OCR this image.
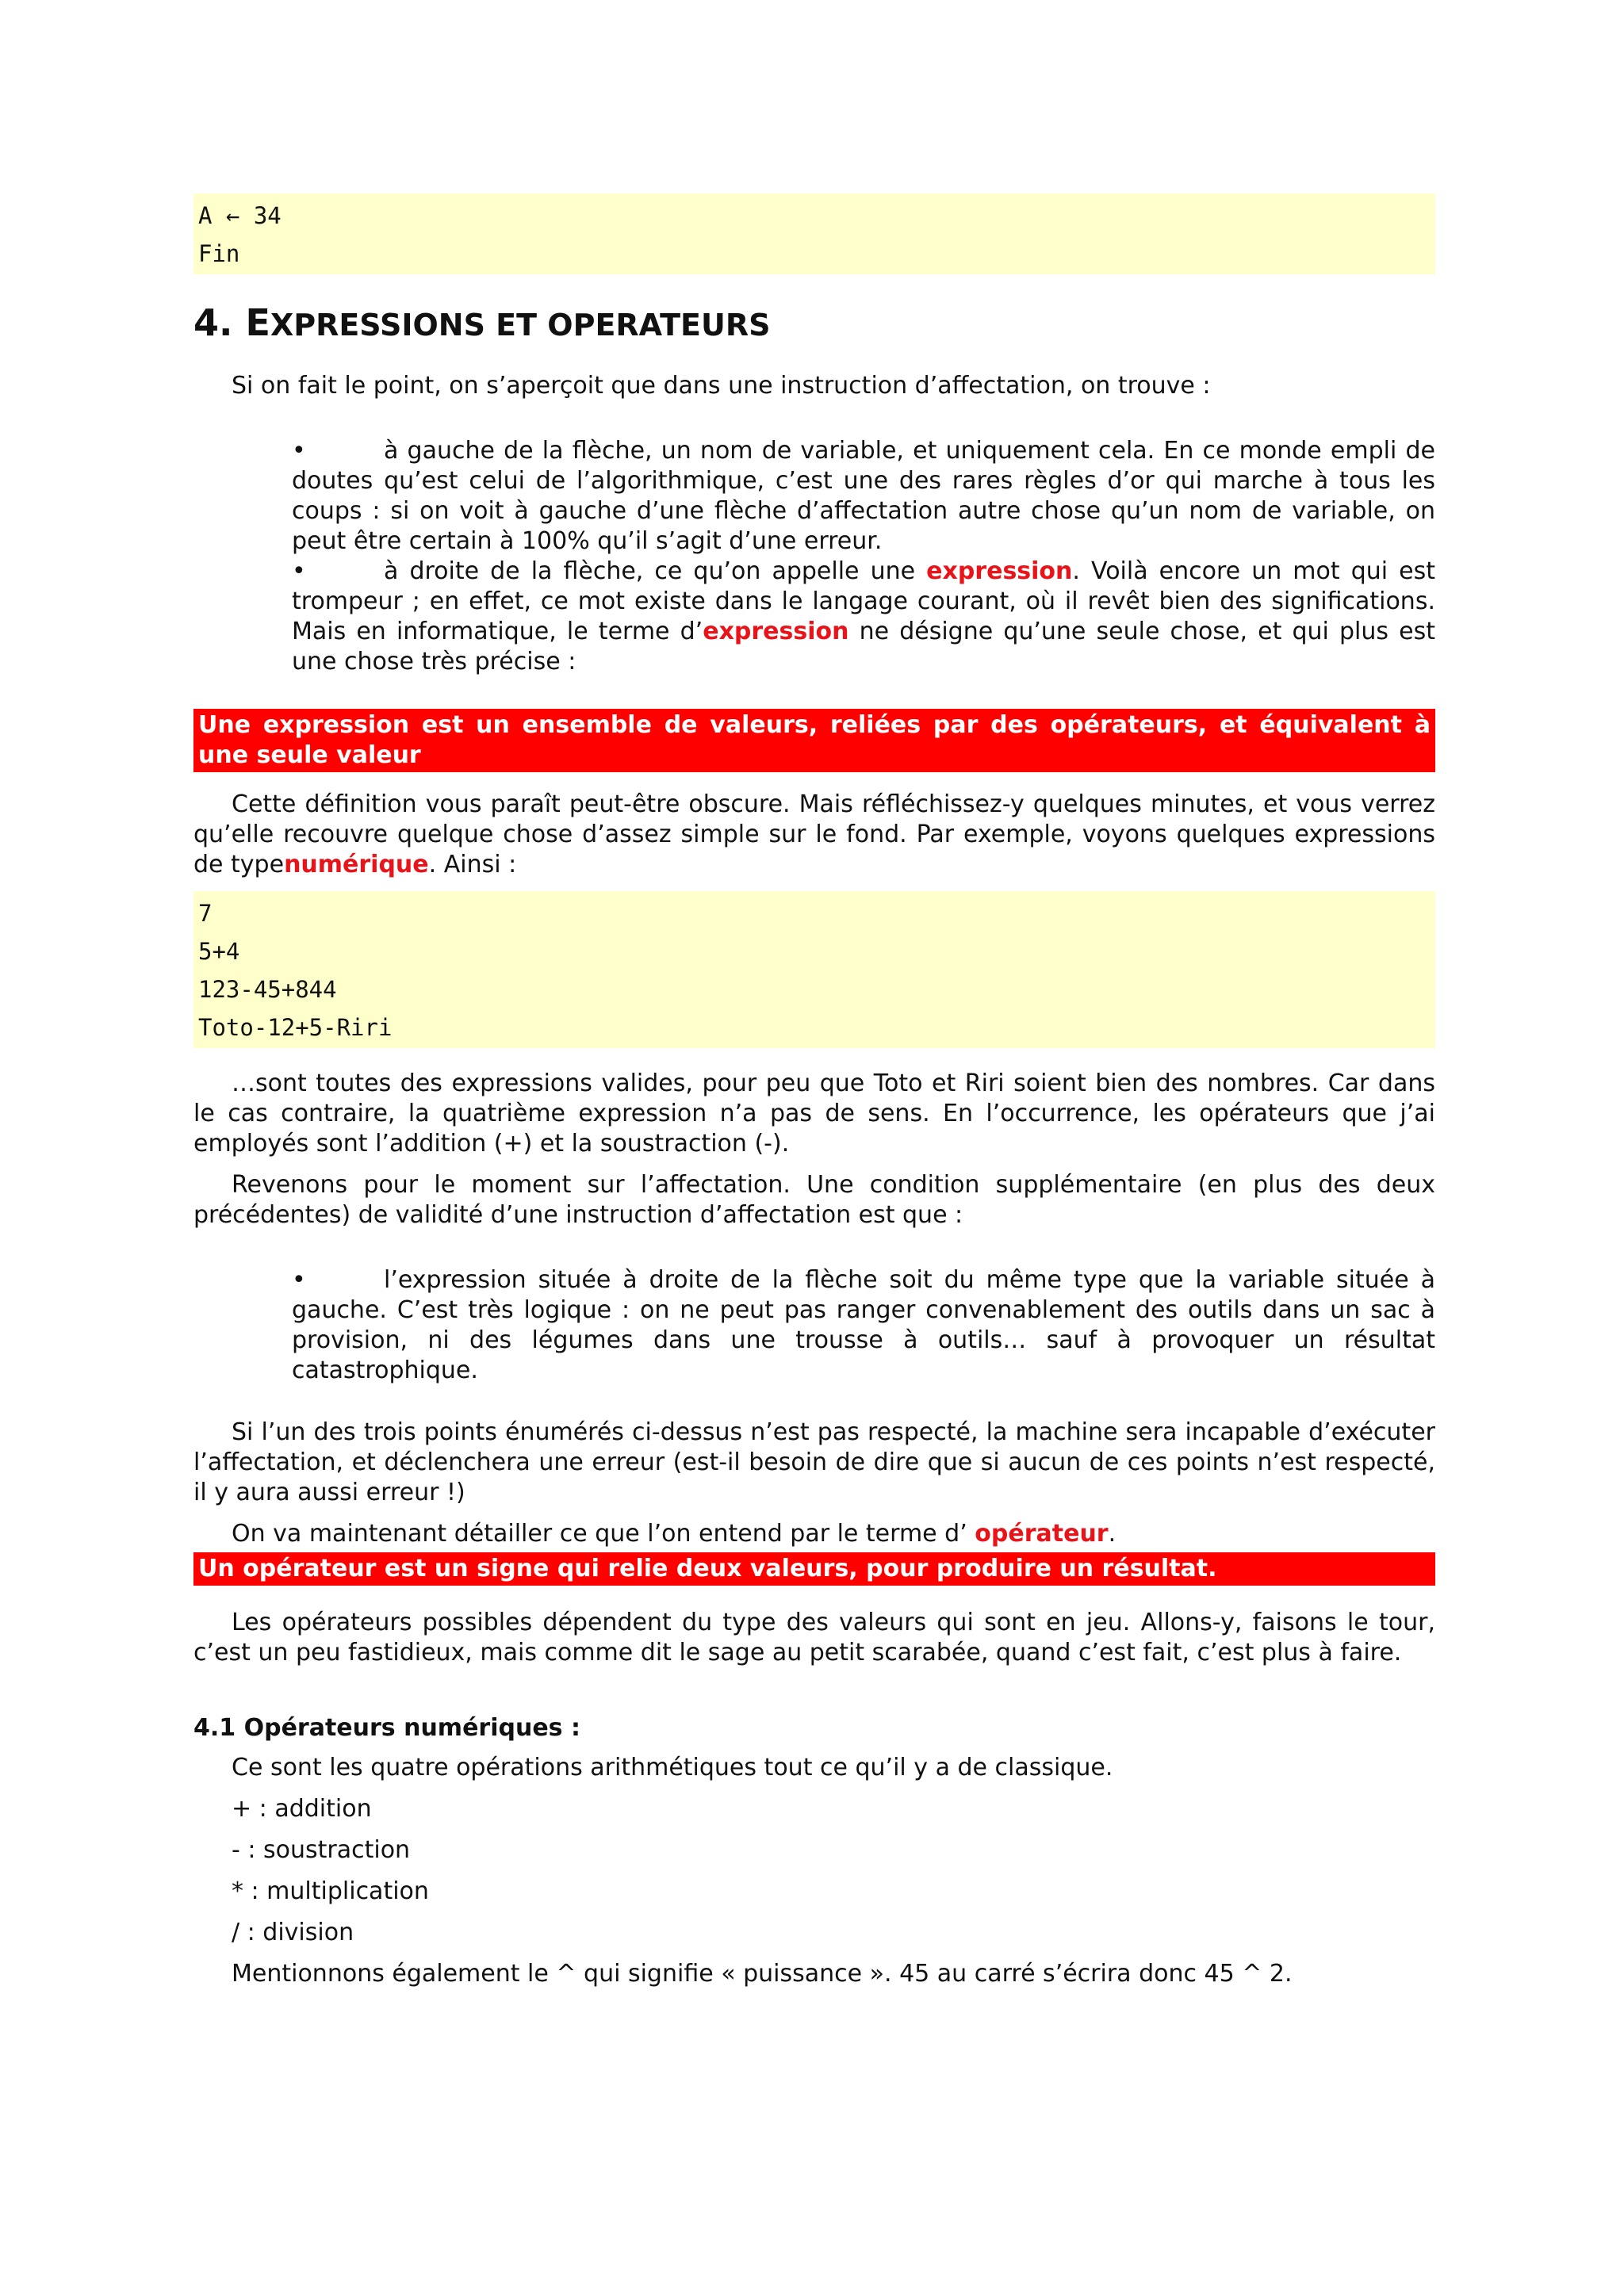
A ← 34
Fin
4. EXPRESSIONS ET OPERATEURS

Si on fait le point, on s’aperçoit que dans une instruction d’affectation, on trouve :

•	à gauche de la flèche, un nom de variable, et uniquement cela. En ce monde empli de doutes qu’est celui de l’algorithmique, c’est une des rares règles d’or qui marche à tous les coups : si on voit à gauche d’une flèche d’affectation autre chose qu’un nom de variable, on peut être certain à 100% qu’il s’agit d’une erreur.
•	à droite de la flèche, ce qu’on appelle une expression. Voilà encore un mot qui est trompeur ; en effet, ce mot existe dans le langage courant, où il revêt bien des significations. Mais en informatique, le terme d’expression ne désigne qu’une seule chose, et qui plus est une chose très précise :
Une expression est un ensemble de valeurs, reliées par des opérateurs, et équivalent à une seule valeur

Cette définition vous paraît peut-être obscure. Mais réfléchissez-y quelques minutes, et vous verrez qu’elle recouvre quelque chose d’assez simple sur le fond. Par exemple, voyons quelques expressions de typenumérique. Ainsi :

7
5+4
123-45+844
Toto-12+5-Riri

…sont toutes des expressions valides, pour peu que Toto et Riri soient bien des nombres. Car dans le cas contraire, la quatrième expression n’a pas de sens. En l’occurrence, les opérateurs que j’ai employés sont l’addition (+) et la soustraction (-).

Revenons pour le moment sur l’affectation. Une condition supplémentaire (en plus des deux précédentes) de validité d’une instruction d’affectation est que :

•	l’expression située à droite de la flèche soit du même type que la variable située à gauche. C’est très logique : on ne peut pas ranger convenablement des outils dans un sac à provision, ni des légumes dans une trousse à outils… sauf à provoquer un résultat catastrophique.

Si l’un des trois points énumérés ci-dessus n’est pas respecté, la machine sera incapable d’exécuter l’affectation, et déclenchera une erreur (est-il besoin de dire que si aucun de ces points n’est respecté, il y aura aussi erreur !)

On va maintenant détailler ce que l’on entend par le terme d’ opérateur.

Un opérateur est un signe qui relie deux valeurs, pour produire un résultat.

Les opérateurs possibles dépendent du type des valeurs qui sont en jeu. Allons-y, faisons le tour, c’est un peu fastidieux, mais comme dit le sage au petit scarabée, quand c’est fait, c’est plus à faire.

4.1 Opérateurs numériques :

Ce sont les quatre opérations arithmétiques tout ce qu’il y a de classique.

+ : addition

- : soustraction

* : multiplication

/ : division

Mentionnons également le ^ qui signifie « puissance ». 45 au carré s’écrira donc 45 ^ 2.
